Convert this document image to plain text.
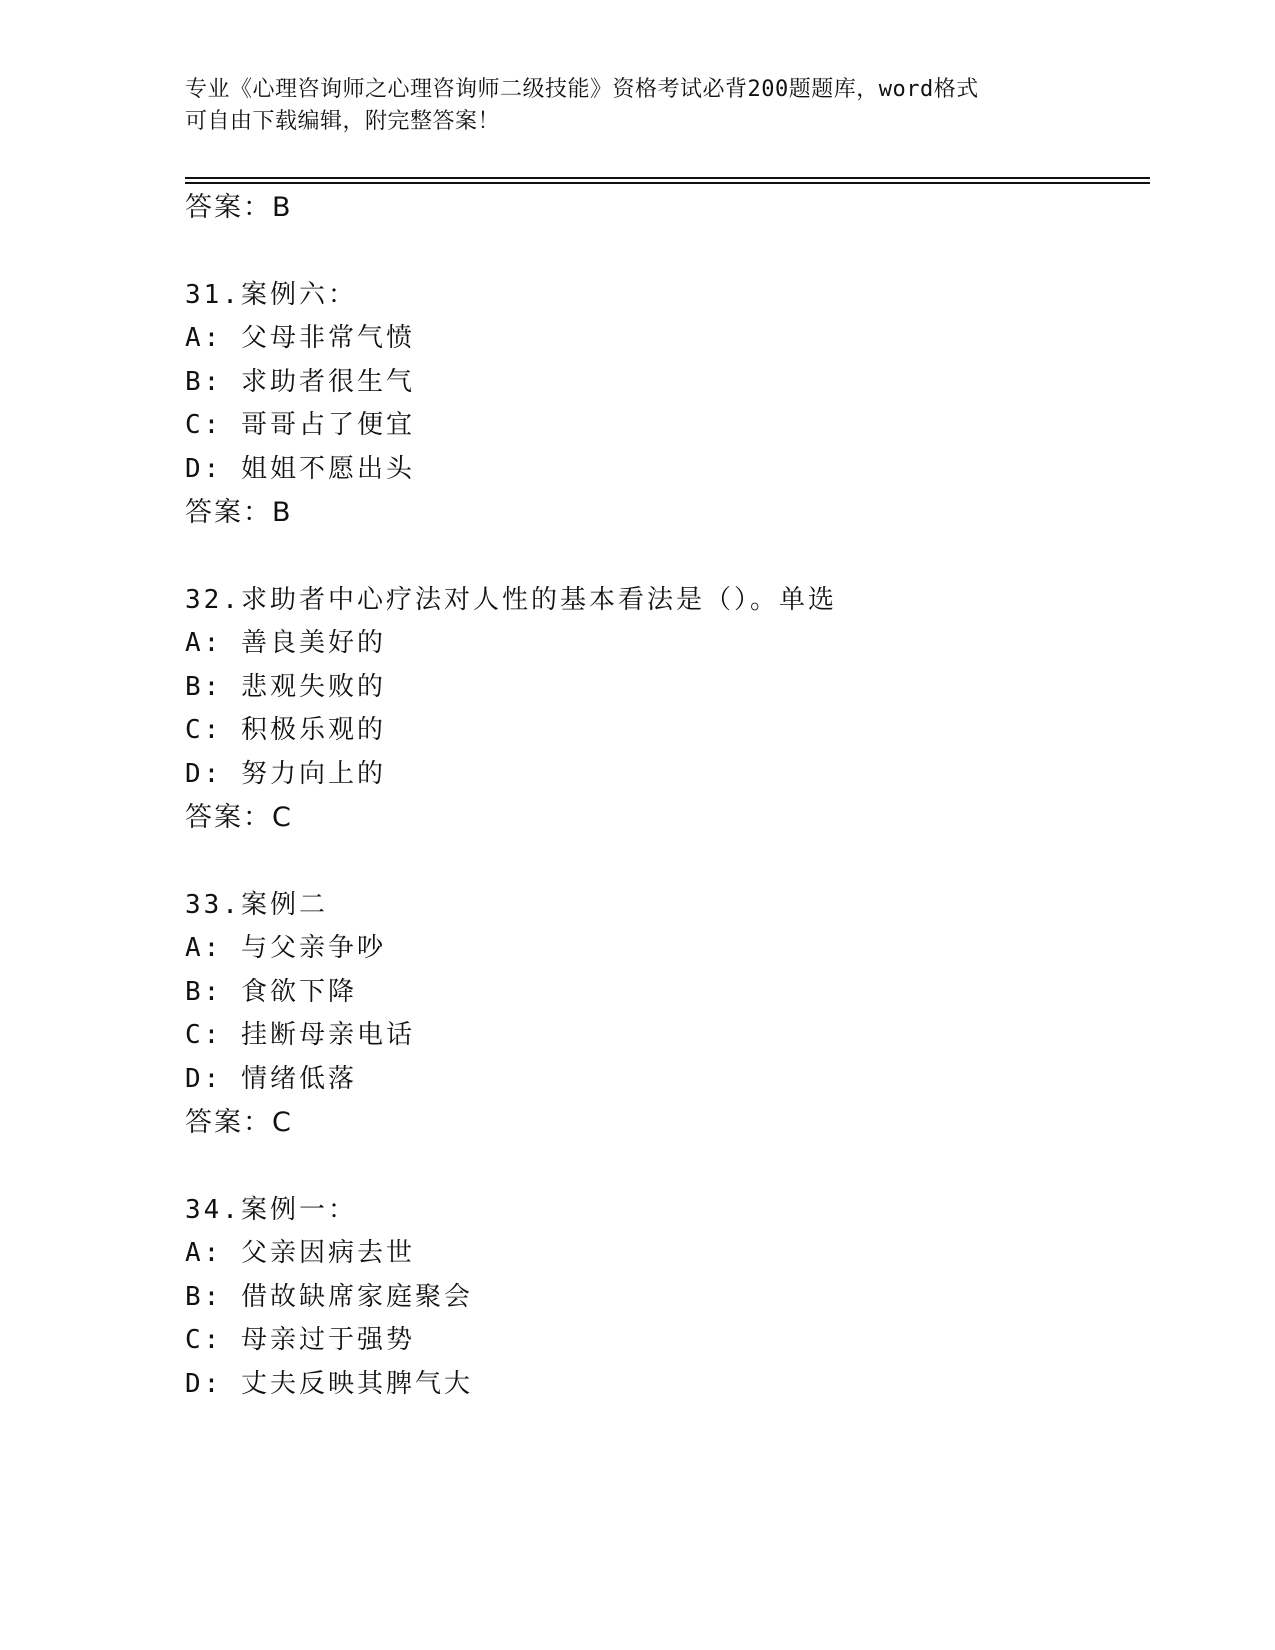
专业《心理咨询师之心理咨询师二级技能》资格考试必背200题题库，word格式
可自由下载编辑，附完整答案！
答案：B
31.案例六：
A: 父母非常气愤
B: 求助者很生气
C: 哥哥占了便宜
D: 姐姐不愿出头
答案：B
32.求助者中心疗法对人性的基本看法是（）。单选
A: 善良美好的
B: 悲观失败的
C: 积极乐观的
D: 努力向上的
答案：C
33.案例二
A: 与父亲争吵
B: 食欲下降
C: 挂断母亲电话
D: 情绪低落
答案：C
34.案例一：
A: 父亲因病去世
B: 借故缺席家庭聚会
C: 母亲过于强势
D: 丈夫反映其脾气大
